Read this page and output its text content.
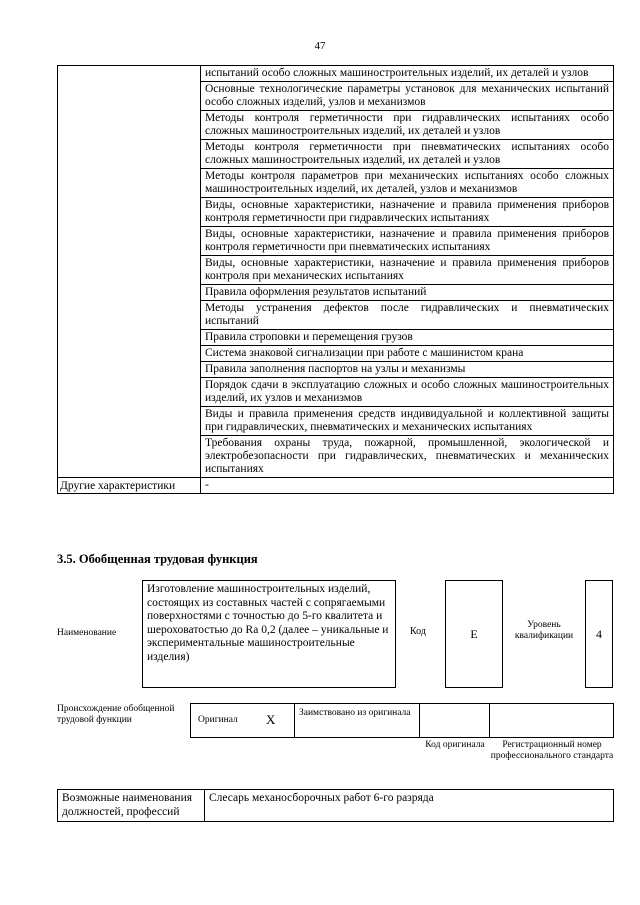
47
	испытаний особо сложных машиностроительных изделий, их деталей и узлов
	Основные технологические параметры установок для механических испытаний особо сложных изделий, узлов и механизмов
	Методы контроля герметичности при гидравлических испытаниях особо сложных машиностроительных изделий, их деталей и узлов
	Методы контроля герметичности при пневматических испытаниях особо сложных машиностроительных изделий, их деталей и узлов
	Методы контроля параметров при механических испытаниях особо сложных машиностроительных изделий, их деталей, узлов и механизмов
	Виды, основные характеристики, назначение и правила применения приборов контроля герметичности при гидравлических испытаниях
	Виды, основные характеристики, назначение и правила применения приборов контроля герметичности при пневматических испытаниях
	Виды, основные характеристики, назначение и правила применения приборов контроля при механических испытаниях
	Правила оформления результатов испытаний
	Методы устранения дефектов после гидравлических и пневматических испытаний
	Правила строповки и перемещения грузов
	Система знаковой сигнализации при работе с машинистом крана
	Правила заполнения паспортов на узлы и механизмы
	Порядок сдачи в эксплуатацию сложных и особо сложных машиностроительных изделий, их узлов и механизмов
	Виды и правила применения средств индивидуальной и коллективной защиты при гидравлических, пневматических и механических испытаниях
	Требования охраны труда, пожарной, промышленной, экологической и электробезопасности при гидравлических, пневматических и механических испытаниях
Другие характеристики	-
3.5. Обобщенная трудовая функция
Наименование
Изготовление машиностроительных изделий, состоящих из составных частей с сопрягаемыми поверхностями с точностью до 5-го квалитета и шероховатостью до Ra 0,2 (далее – уникальные и экспериментальные машиностроительные изделия)
Код	E
Уровень квалификации	4
Происхождение обобщенной трудовой функции	Оригинал X Заимствовано из оригинала
Код оригинала	Регистрационный номер профессионального стандарта
Возможные наименования должностей, профессий	Слесарь механосборочных работ 6-го разряда
